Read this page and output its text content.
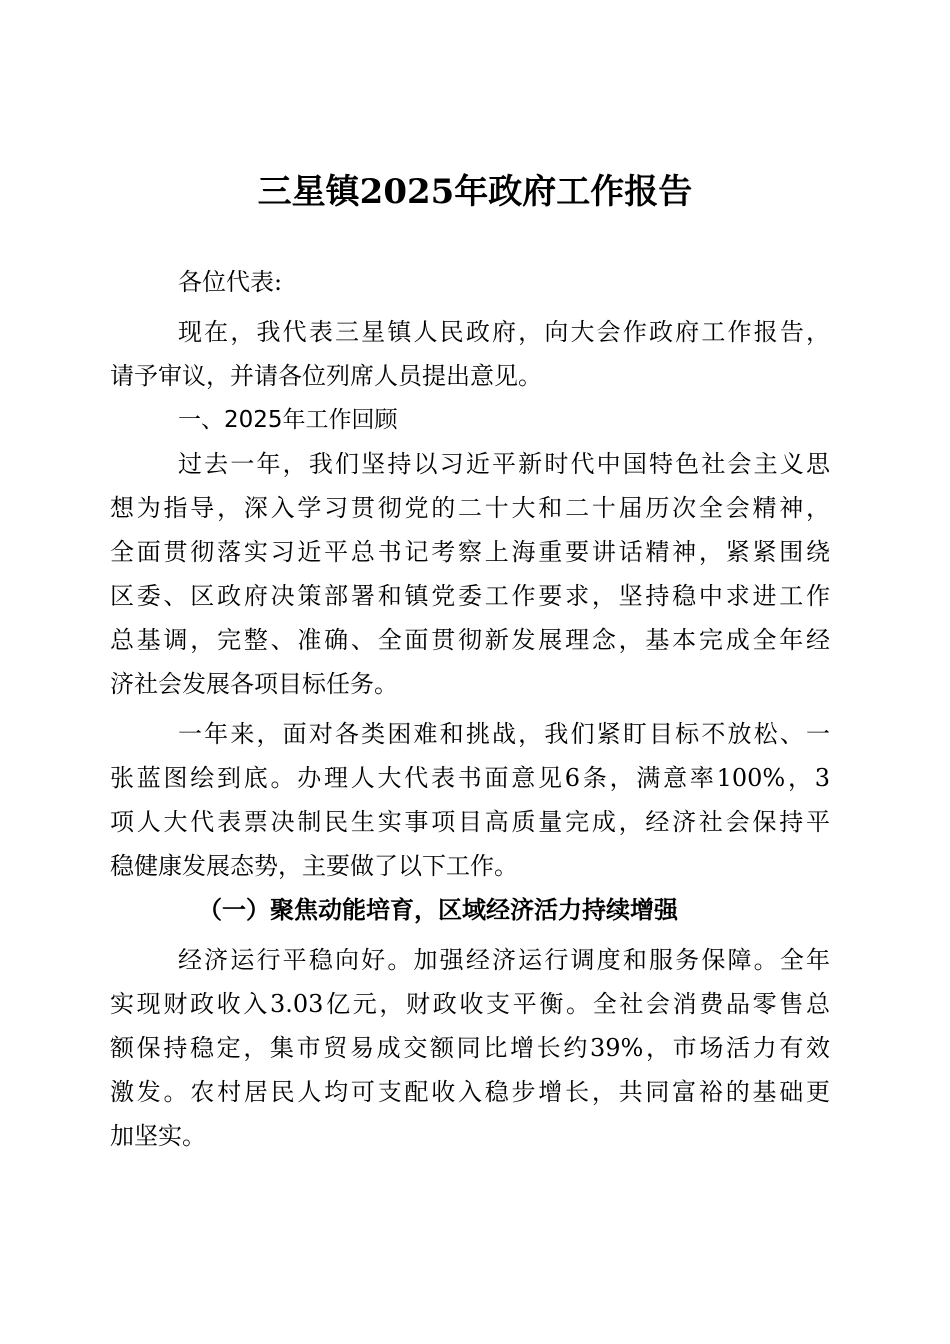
三星镇2025年政府工作报告
各位代表:
现在，我代表三星镇人民政府，向大会作政府工作报告，
请予审议，并请各位列席人员提出意见。
一、2025年工作回顾
过去一年，我们坚持以习近平新时代中国特色社会主义思
想为指导，深入学习贯彻党的二十大和二十届历次全会精神，
全面贯彻落实习近平总书记考察上海重要讲话精神，紧紧围绕
区委、区政府决策部署和镇党委工作要求，坚持稳中求进工作
总基调，完整、准确、全面贯彻新发展理念，基本完成全年经
济社会发展各项目标任务。
一年来，面对各类困难和挑战，我们紧盯目标不放松、一
张蓝图绘到底。办理人大代表书面意见6条，满意率100%，3
项人大代表票决制民生实事项目高质量完成，经济社会保持平
稳健康发展态势，主要做了以下工作。
（一）聚焦动能培育，区域经济活力持续增强
经济运行平稳向好。加强经济运行调度和服务保障。全年
实现财政收入3.03亿元，财政收支平衡。全社会消费品零售总
额保持稳定，集市贸易成交额同比增长约39%，市场活力有效
激发。农村居民人均可支配收入稳步增长，共同富裕的基础更
加坚实。
